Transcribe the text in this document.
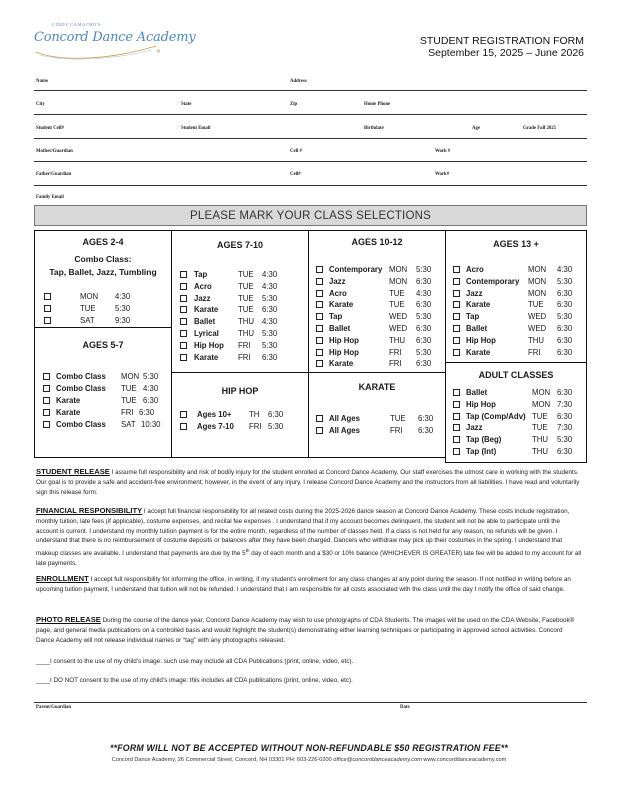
✕
CINDY CAMACHO'S
Concord Dance Academy	STUDENT REGISTRATION FORM
September 15, 2025 – June 2026
Name	Address
City	State	Zip	Home Phone
Student Cell#	Student Email	Birthdate	Age	Grade Fall 2025
Mother/Guardian	Cell #	Work #
Father/Guardian	Cell#	Work#
Family Email
PLEASE MARK YOUR CLASS SELECTIONS
AGES 2-4
Combo Class:
Tap, Ballet, Jazz, Tumbling
MON 4:30
TUE 5:30
SAT	9:30
AGES 5-7
Combo Class MON 5:30
Combo Class TUE 4:30
Karate	TUE 6:30
Karate	FRI 6:30
Combo Class SAT 10:30
AGES 7-10
Tap	TUE 4:30
Acro	TUE 4:30
Jazz	TUE 5:30
Karate	TUE 6:30
Ballet	THU 4:30
Lyrical THU 5:30
Hip Hop FRI 5:30
Karate	FRI 6:30
HIP HOP
Ages 10+ TH 6:30
Ages 7-10 FRI 5:30
AGES 10-12
Contemporary MON 5:30
Jazz	MON 6:30
Acro	TUE 4:30
Karate	TUE 6:30
Tap	WED 5:30
Ballet	WED 6:30
Hip Hop	THU 6:30
Hip Hop	FRI 5:30
Karate	FRI 6:30
KARATE
All Ages	TUE 6:30
All Ages	FRI 6:30
AGES 13 +
Acro	MON 4:30
Contemporary MON 5:30
Jazz	MON 6:30
Karate	TUE 6:30
Tap	WED 5:30
Ballet	WED 6:30
Hip Hop	THU 6:30
Karate	FRI 6:30
ADULT CLASSES
Ballet	MON 6:30
Hip Hop	MON 7:30
Tap (Comp/Adv) TUE 6:30
Jazz	TUE 7:30
Tap (Beg)	THU 5:30
Tap (Int)	THU 6:30
STUDENT RELEASE I assume full responsibility and risk of bodily injury for the student enrolled at Concord Dance Academy. Our staff exercises the utmost care in working with the students. Our goal is to provide a safe and accident-free environment; however, in the event of any injury, I release Concord Dance Academy and the instructors from all liabilities. I have read and voluntarily sign this release form.
FINANCIAL RESPONSIBILITY I accept full financial responsibility for all related costs during the 2025-2026 dance season at Concord Dance Academy. These costs include registration, monthly tuition, late fees (if applicable), costume expenses, and recital fee expenses . I understand that if my account becomes delinquent, the student will not be able to participate until the account is current. I understand my monthly tuition payment is for the entire month, regardless of the number of classes held. If a class is not held for any reason, no refunds will be given. I understand that there is no reimbursement of costume deposits or balances after they have been charged. Dancers who withdraw may pick up their costumes in the spring. I understand that makeup classes are available. I understand that payments are due by the 5th day of each month and a $30 or 10% balance (WHICHEVER IS GREATER) late fee will be added to my account for all late payments.
ENROLLMENT I accept full responsibility for informing the office, in writing, if my student’s enrollment for any class changes at any point during the season. If not notified in writing before an upcoming tuition payment, I understand that tuition will not be refunded. I understand that I am responsible for all costs associated with the class until the day I notify the office of said change.
PHOTO RELEASE During the course of the dance year, Concord Dance Academy may wish to use photographs of CDA Students. The images will be used on the CDA Website, Facebook® page, and general media publications on a controlled basis and would highlight the student(s) demonstrating either learning techniques or participating in approved school activities. Concord Dance Academy will not release individual names or “tag” with any photographs released.
____I consent to the use of my child’s image: such use may include all CDA Publications (print, online, video, etc).
____I DO NOT consent to the use of my child’s image: this includes all CDA publications (print, online, video, etc).
Parent/Guardian	Date
**FORM WILL NOT BE ACCEPTED WITHOUT NON-REFUNDABLE $50 REGISTRATION FEE**
Concord Dance Academy, 26 Commercial Street, Concord, NH 03301 PH: 603-226-0200 office@concorddanceacademy.com www.concorddanceacademy.com
